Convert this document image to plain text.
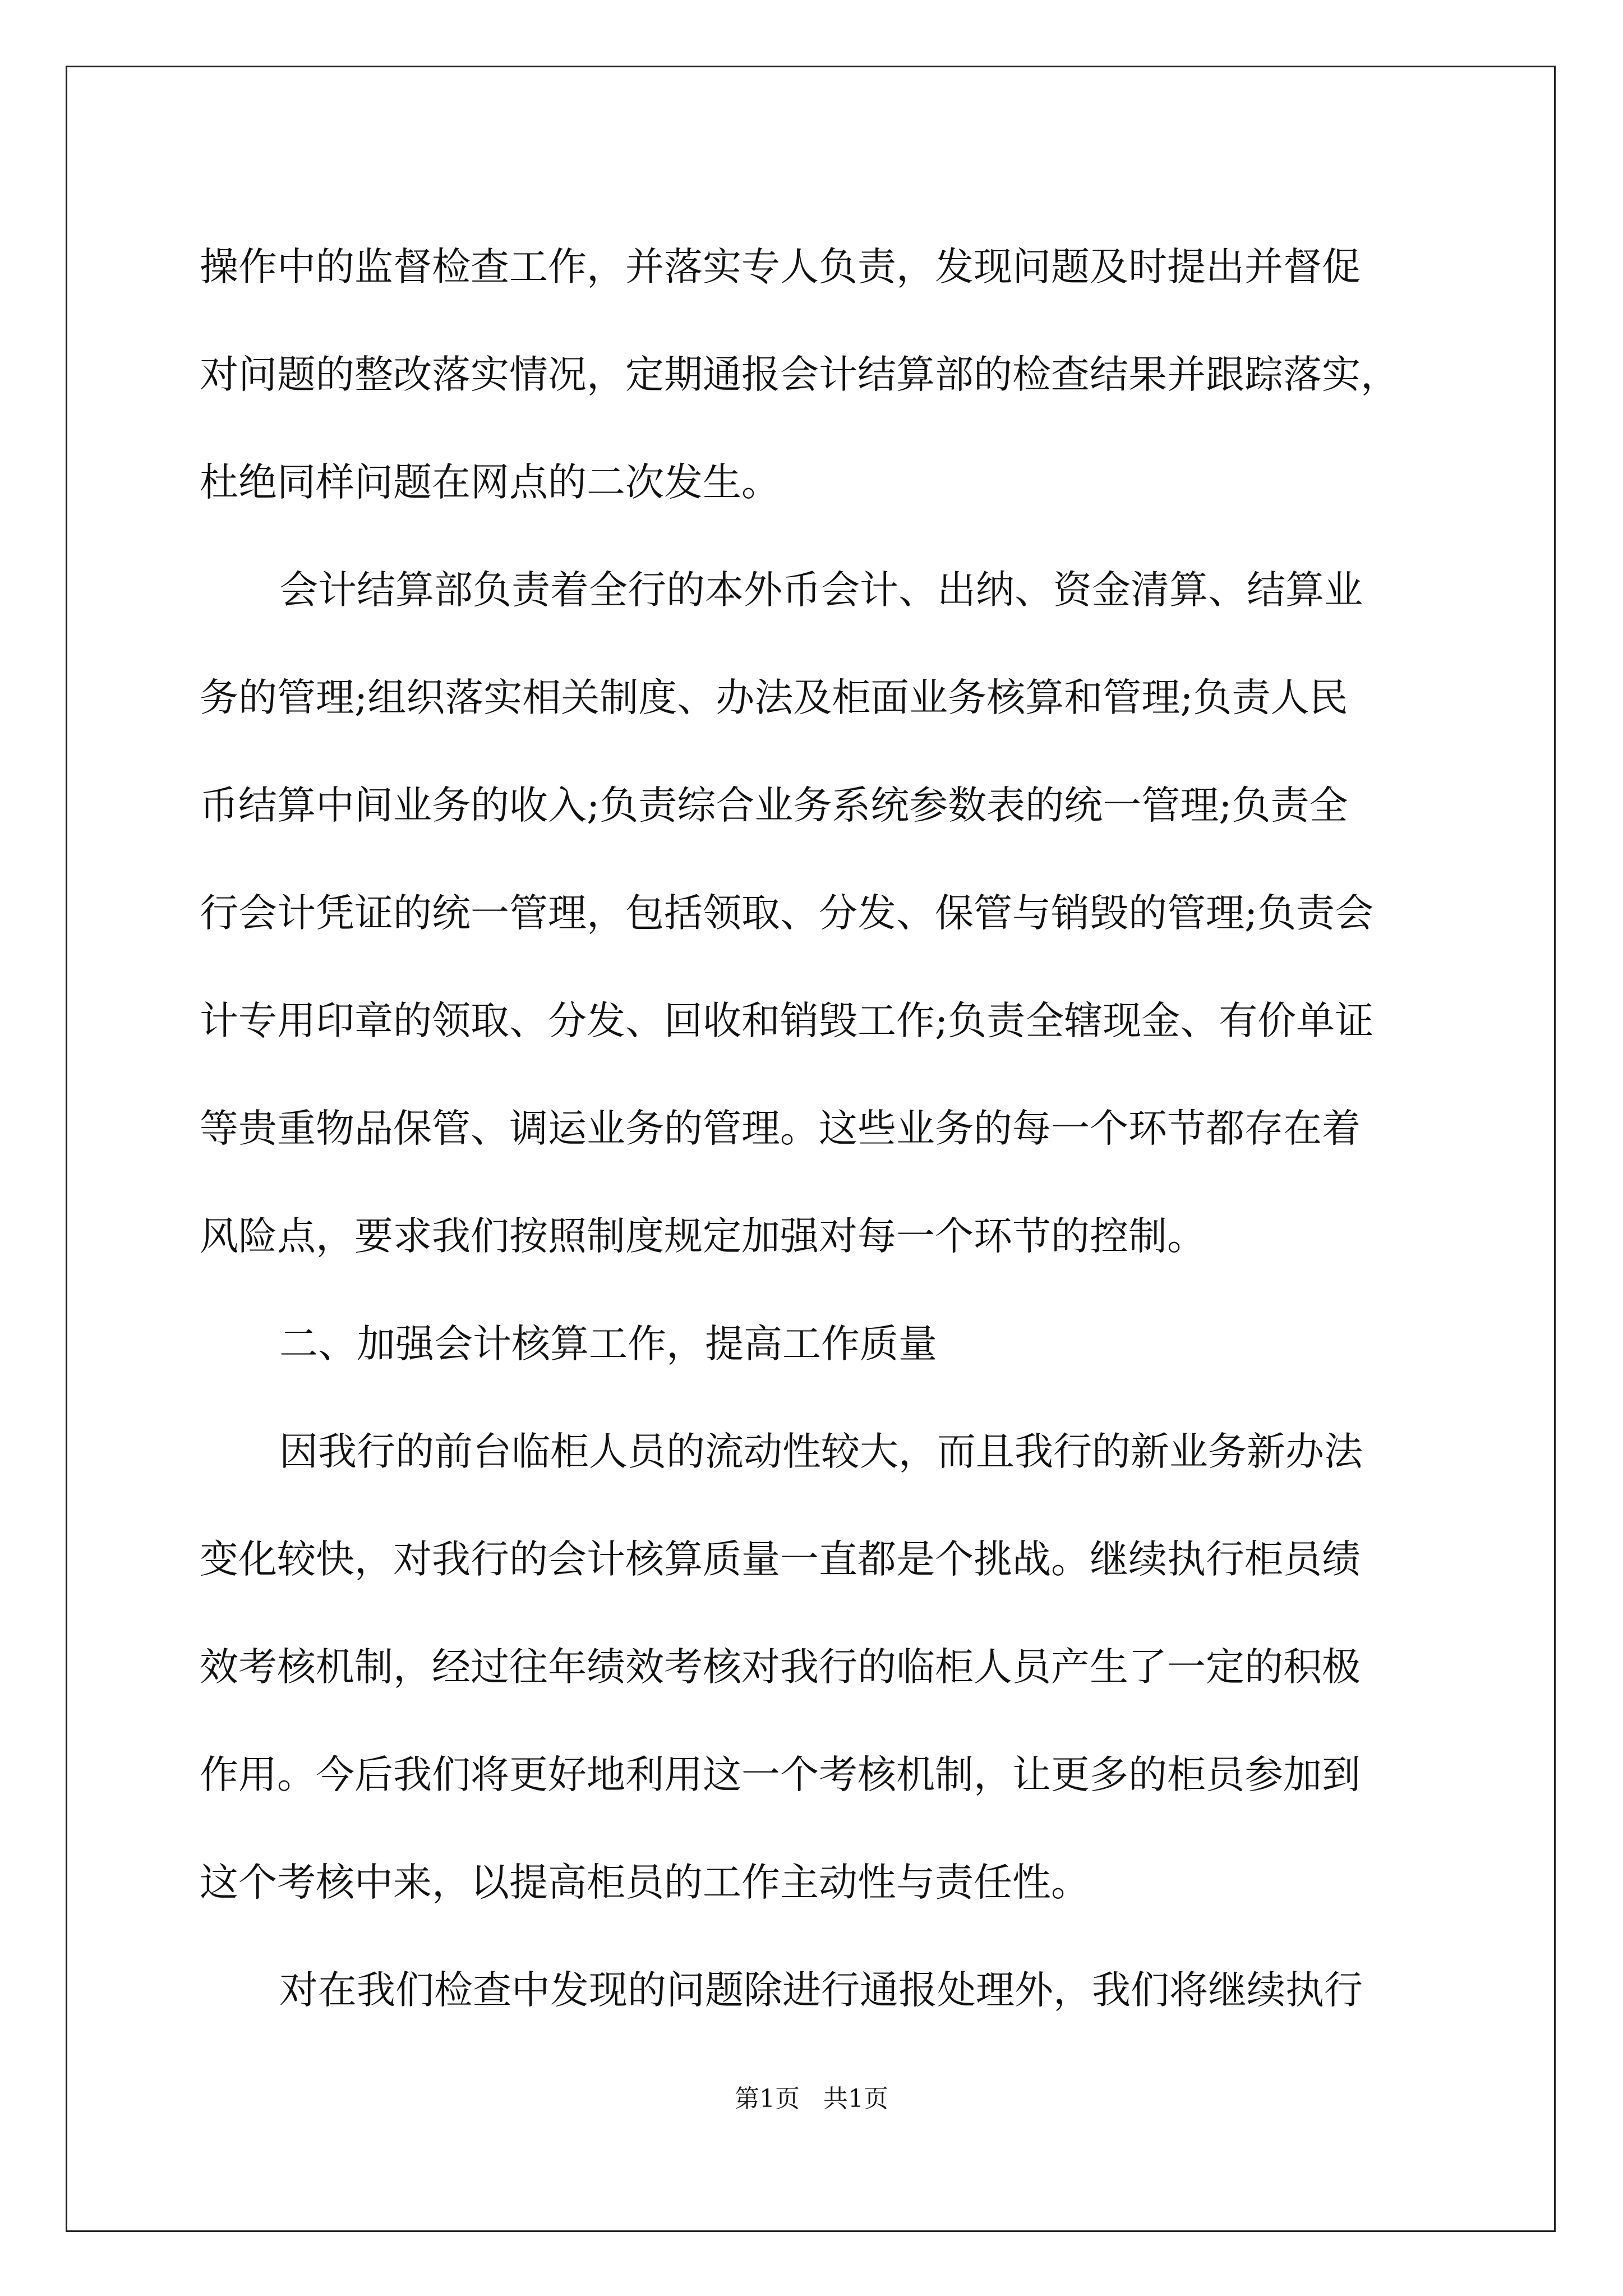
操作中的监督检查工作，并落实专人负责，发现问题及时提出并督促
对问题的整改落实情况，定期通报会计结算部的检查结果并跟踪落实，
杜绝同样问题在网点的二次发生。
会计结算部负责着全行的本外币会计、出纳、资金清算、结算业
务的管理;组织落实相关制度、办法及柜面业务核算和管理;负责人民
币结算中间业务的收入;负责综合业务系统参数表的统一管理;负责全
行会计凭证的统一管理，包括领取、分发、保管与销毁的管理;负责会
计专用印章的领取、分发、回收和销毁工作;负责全辖现金、有价单证
等贵重物品保管、调运业务的管理。这些业务的每一个环节都存在着
风险点，要求我们按照制度规定加强对每一个环节的控制。
二、加强会计核算工作，提高工作质量
因我行的前台临柜人员的流动性较大，而且我行的新业务新办法
变化较快，对我行的会计核算质量一直都是个挑战。继续执行柜员绩
效考核机制，经过往年绩效考核对我行的临柜人员产生了一定的积极
作用。今后我们将更好地利用这一个考核机制，让更多的柜员参加到
这个考核中来，以提高柜员的工作主动性与责任性。
对在我们检查中发现的问题除进行通报处理外，我们将继续执行
第1页   共1页
